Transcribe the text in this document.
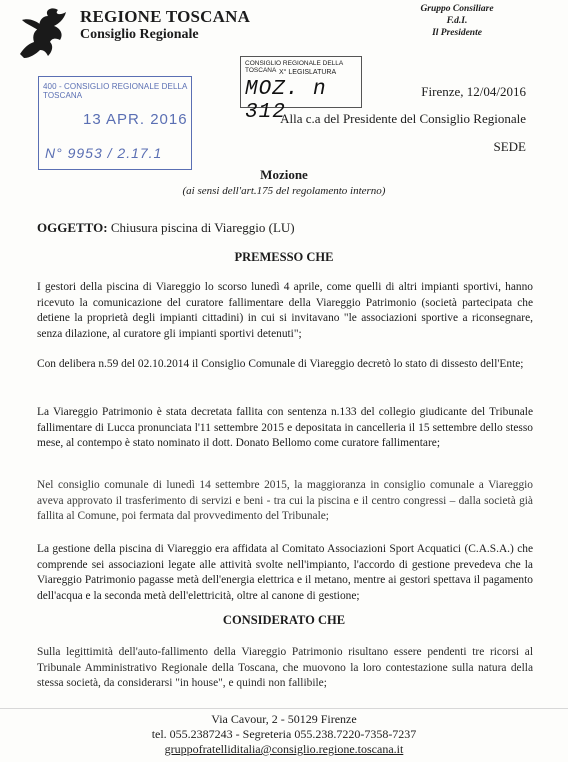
REGIONE TOSCANA
Consiglio Regionale
Gruppo Consiliare
F.d.I.
Il Presidente
400 - CONSIGLIO REGIONALE DELLA TOSCANA
13 APR. 2016
N° 9953 / 2.17.1
CONSIGLIO REGIONALE DELLA TOSCANA X° LEGISLATURA
MOZ. n 312
Firenze, 12/04/2016
Alla c.a del Presidente del Consiglio Regionale
SEDE
Mozione
(ai sensi dell'art.175 del regolamento interno)
OGGETTO: Chiusura piscina di Viareggio (LU)
PREMESSO CHE
I gestori della piscina di Viareggio lo scorso lunedì 4 aprile, come quelli di altri impianti sportivi, hanno ricevuto la comunicazione del curatore fallimentare della Viareggio Patrimonio (società partecipata che detiene la proprietà degli impianti cittadini) in cui si invitavano "le associazioni sportive a riconsegnare, senza dilazione, al curatore gli impianti sportivi detenuti";
Con delibera n.59 del 02.10.2014 il Consiglio Comunale di Viareggio decretò lo stato di dissesto dell'Ente;
La Viareggio Patrimonio è stata decretata fallita con sentenza n.133 del collegio giudicante del Tribunale fallimentare di Lucca pronunciata l'11 settembre 2015 e depositata in cancelleria il 15 settembre dello stesso mese, al contempo è stato nominato il dott. Donato Bellomo come curatore fallimentare;
Nel consiglio comunale di lunedì 14 settembre 2015, la maggioranza in consiglio comunale a Viareggio aveva approvato il trasferimento di servizi e beni - tra cui la piscina e il centro congressi – dalla società già fallita al Comune, poi fermata dal provvedimento del Tribunale;
La gestione della piscina di Viareggio era affidata al Comitato Associazioni Sport Acquatici (C.A.S.A.) che comprende sei associazioni legate alle attività svolte nell'impianto, l'accordo di gestione prevedeva che la Viareggio Patrimonio pagasse metà dell'energia elettrica e il metano, mentre ai gestori spettava il pagamento dell'acqua e la seconda metà dell'elettricità, oltre al canone di gestione;
CONSIDERATO CHE
Sulla legittimità dell'auto-fallimento della Viareggio Patrimonio risultano essere pendenti tre ricorsi al Tribunale Amministrativo Regionale della Toscana, che muovono la loro contestazione sulla natura della stessa società, da considerarsi "in house", e quindi non fallibile;
Via Cavour, 2 - 50129 Firenze
tel. 055.2387243 - Segreteria 055.238.7220-7358-7237
gruppofratelliditalia@consiglio.regione.toscana.it
